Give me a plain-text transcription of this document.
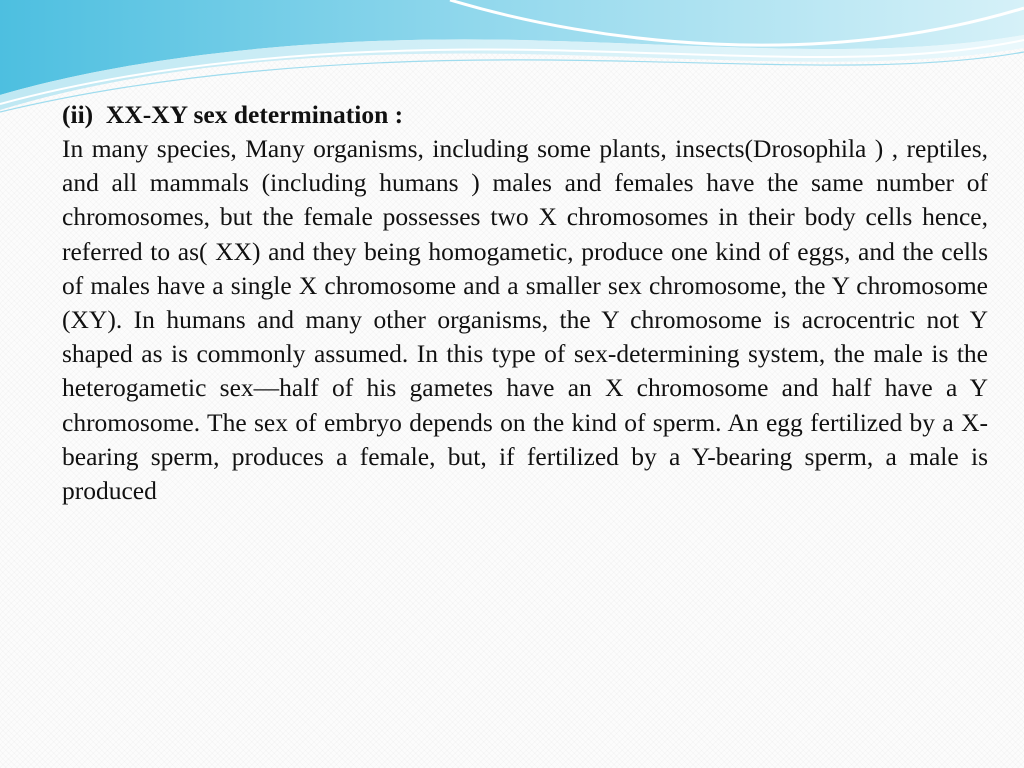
(ii)  XX-XY sex determination :

In many species, Many organisms, including some plants, insects(Drosophila ) , reptiles, and all mammals (including humans ) males and females have the same number of chromosomes, but the female possesses two X chromosomes in their body cells hence, referred to as( XX) and they being homogametic, produce one kind of eggs, and the cells of males have a single X chromosome and a smaller sex chromosome, the Y chromosome (XY). In humans and many other organisms, the Y chromosome is acrocentric not Y shaped as is commonly assumed. In this type of sex-determining system, the male is the heterogametic sex—half of his gametes have an X chromosome and half have a Y chromosome. The sex of embryo depends on the kind of sperm. An egg fertilized by a X-bearing sperm, produces a female, but, if fertilized by a Y-bearing sperm, a male is produced
